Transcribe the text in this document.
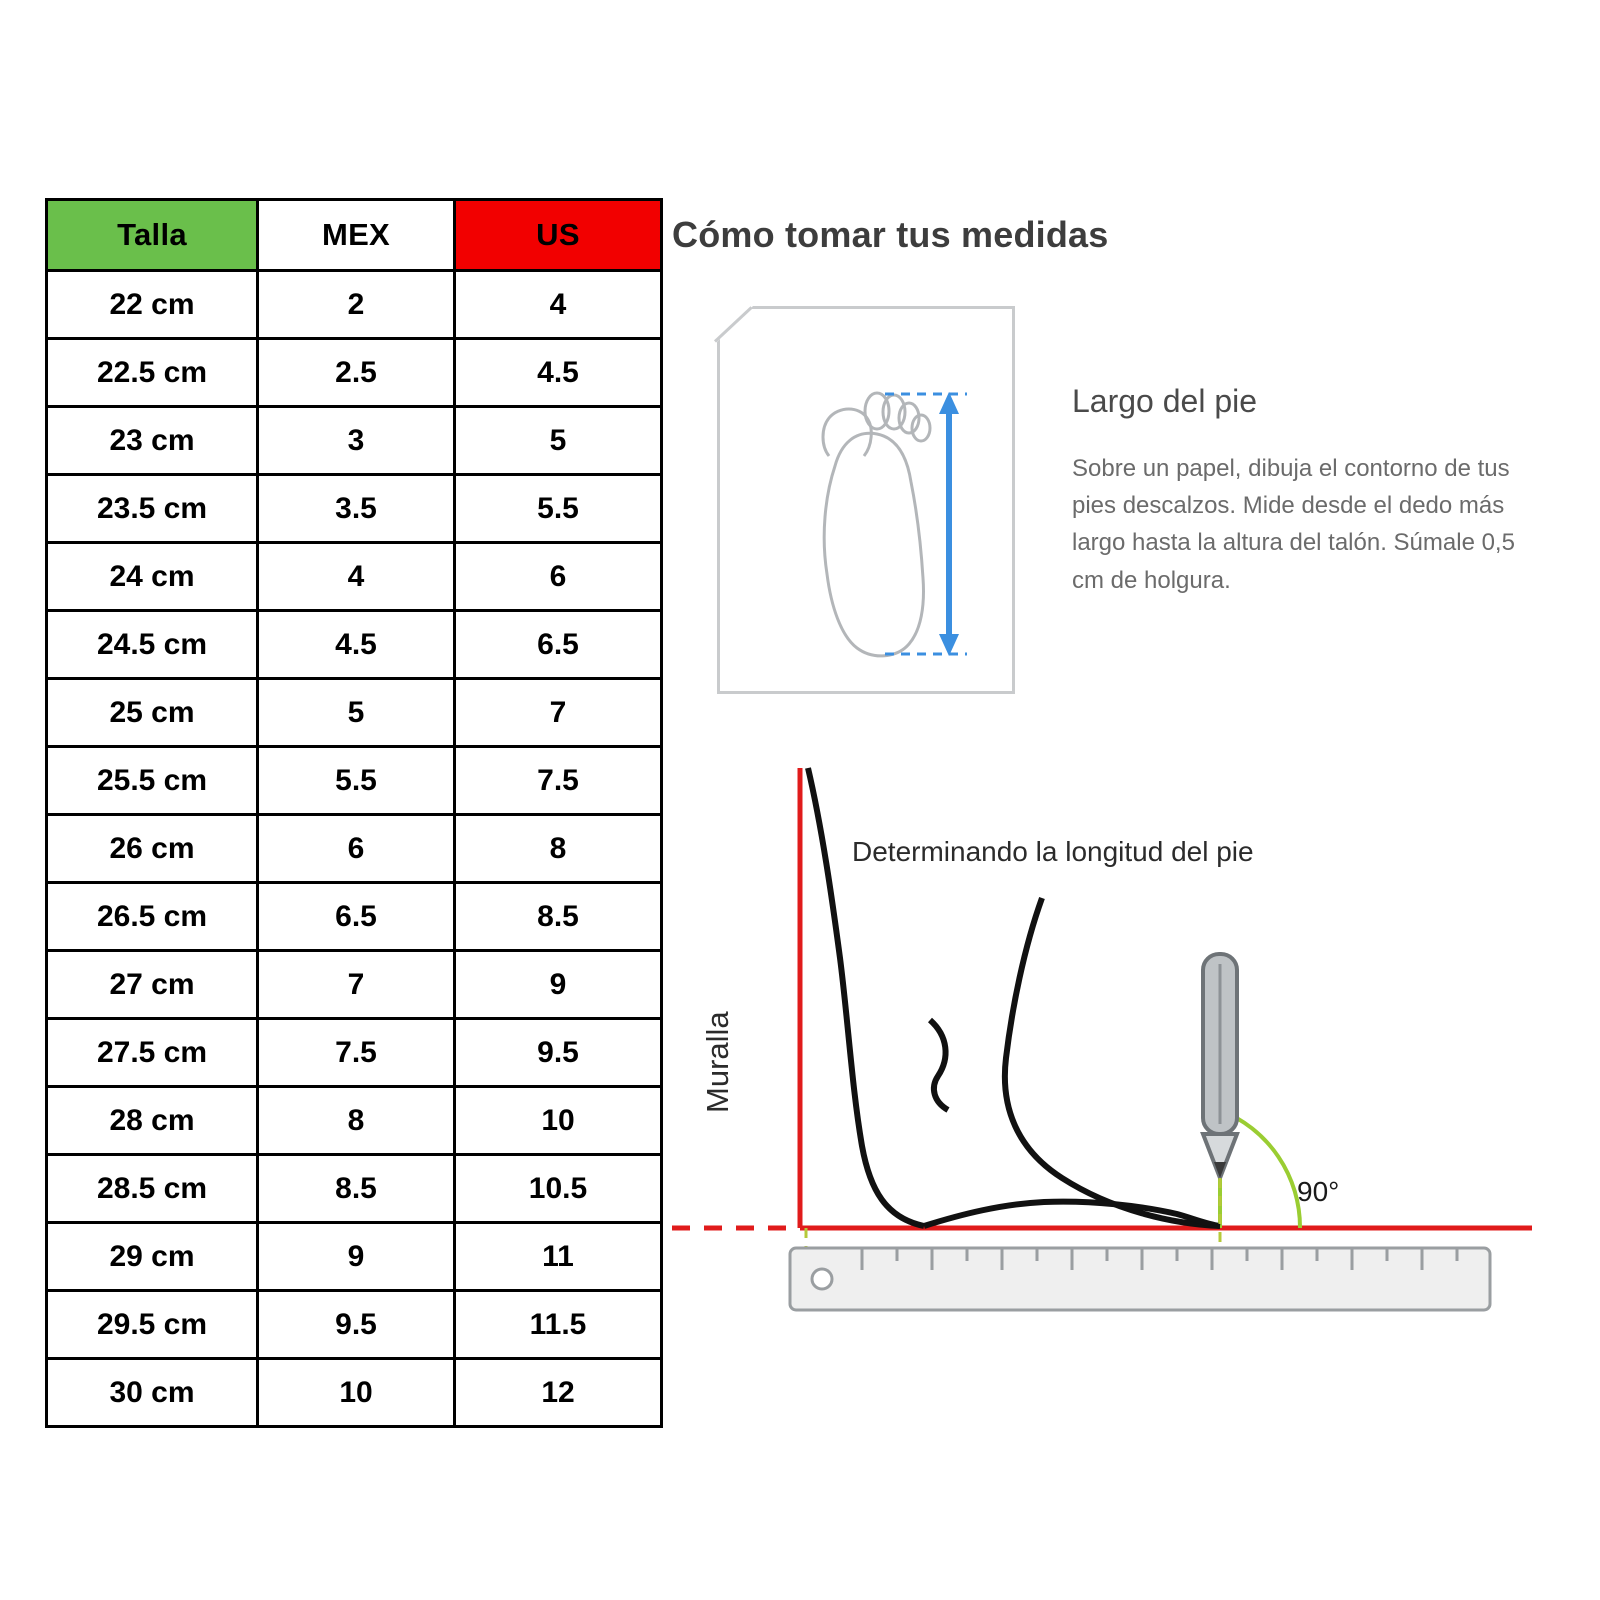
Talla	MEX	US
22 cm	2	4
22.5 cm	2.5	4.5
23 cm	3	5
23.5 cm	3.5	5.5
24 cm	4	6
24.5 cm	4.5	6.5
25 cm	5	7
25.5 cm	5.5	7.5
26 cm	6	8
26.5 cm	6.5	8.5
27 cm	7	9
27.5 cm	7.5	9.5
28 cm	8	10
28.5 cm	8.5	10.5
29 cm	9	11
29.5 cm	9.5	11.5
30 cm	10	12
Cómo tomar tus medidas
Largo del pie

Sobre un papel, dibuja el contorno de tus pies descalzos. Mide desde el dedo más largo hasta la altura del talón. Súmale 0,5 cm de holgura.

Muralla
Determinando la longitud del pie
90°
